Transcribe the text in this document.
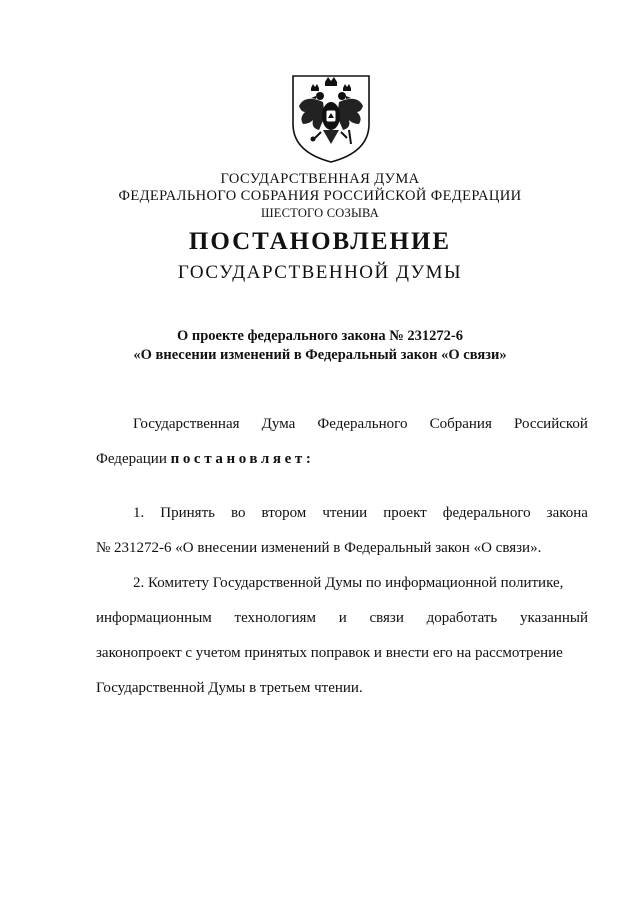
ГОСУДАРСТВЕННАЯ ДУМА
ФЕДЕРАЛЬНОГО СОБРАНИЯ РОССИЙСКОЙ ФЕДЕРАЦИИ
ШЕСТОГО СОЗЫВА
ПОСТАНОВЛЕНИЕ
ГОСУДАРСТВЕННОЙ ДУМЫ
О проекте федерального закона № 231272-6
«О внесении изменений в Федеральный закон «О связи»
Государственная Дума Федерального Собрания Российской
Федерации постановляет:
1. Принять во втором чтении проект федерального закона
№ 231272-6 «О внесении изменений в Федеральный закон «О связи».
2. Комитету Государственной Думы по информационной политике,
информационным технологиям и связи доработать указанный
законопроект с учетом принятых поправок и внести его на рассмотрение
Государственной Думы в третьем чтении.
